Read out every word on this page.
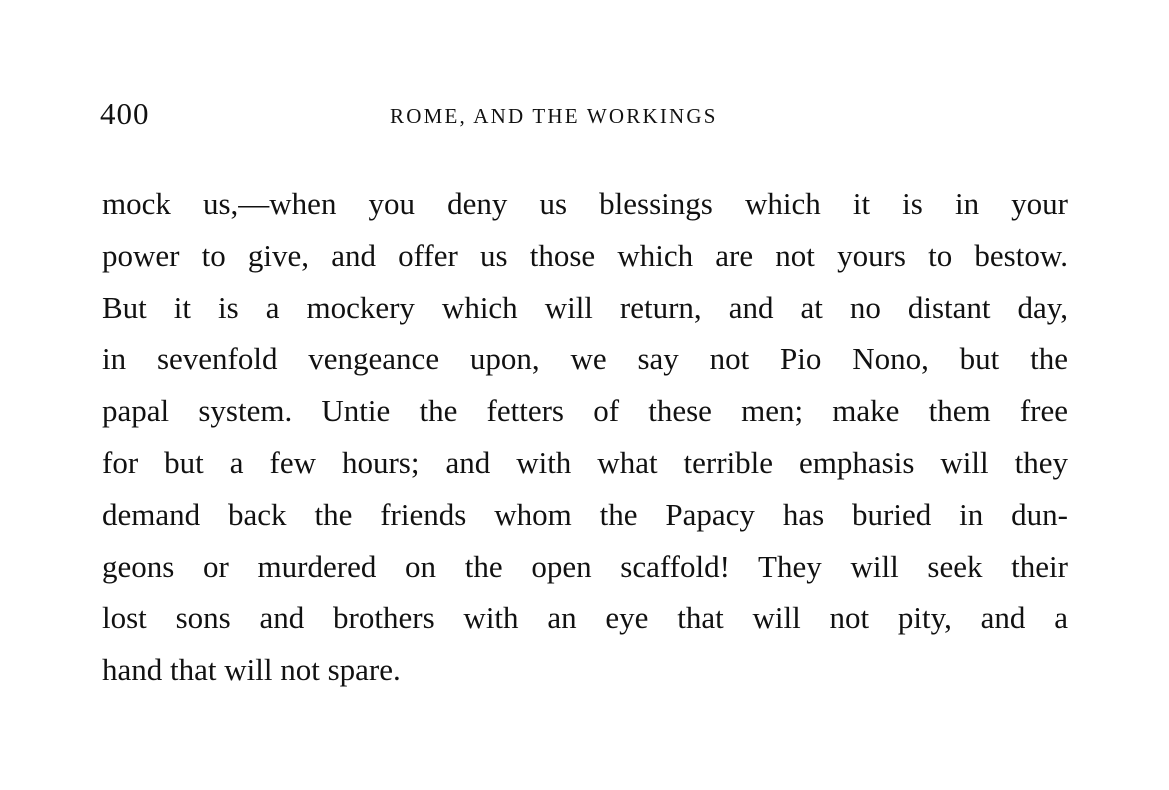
400	ROME, AND THE WORKINGS
mock us,—when you deny us blessings which it is in your
power to give, and offer us those which are not yours to bestow.
But it is a mockery which will return, and at no distant day,
in sevenfold vengeance upon, we say not Pio Nono, but the
papal system. Untie the fetters of these men; make them free
for but a few hours; and with what terrible emphasis will they
demand back the friends whom the Papacy has buried in dun-
geons or murdered on the open scaffold! They will seek their
lost sons and brothers with an eye that will not pity, and a
hand that will not spare.
